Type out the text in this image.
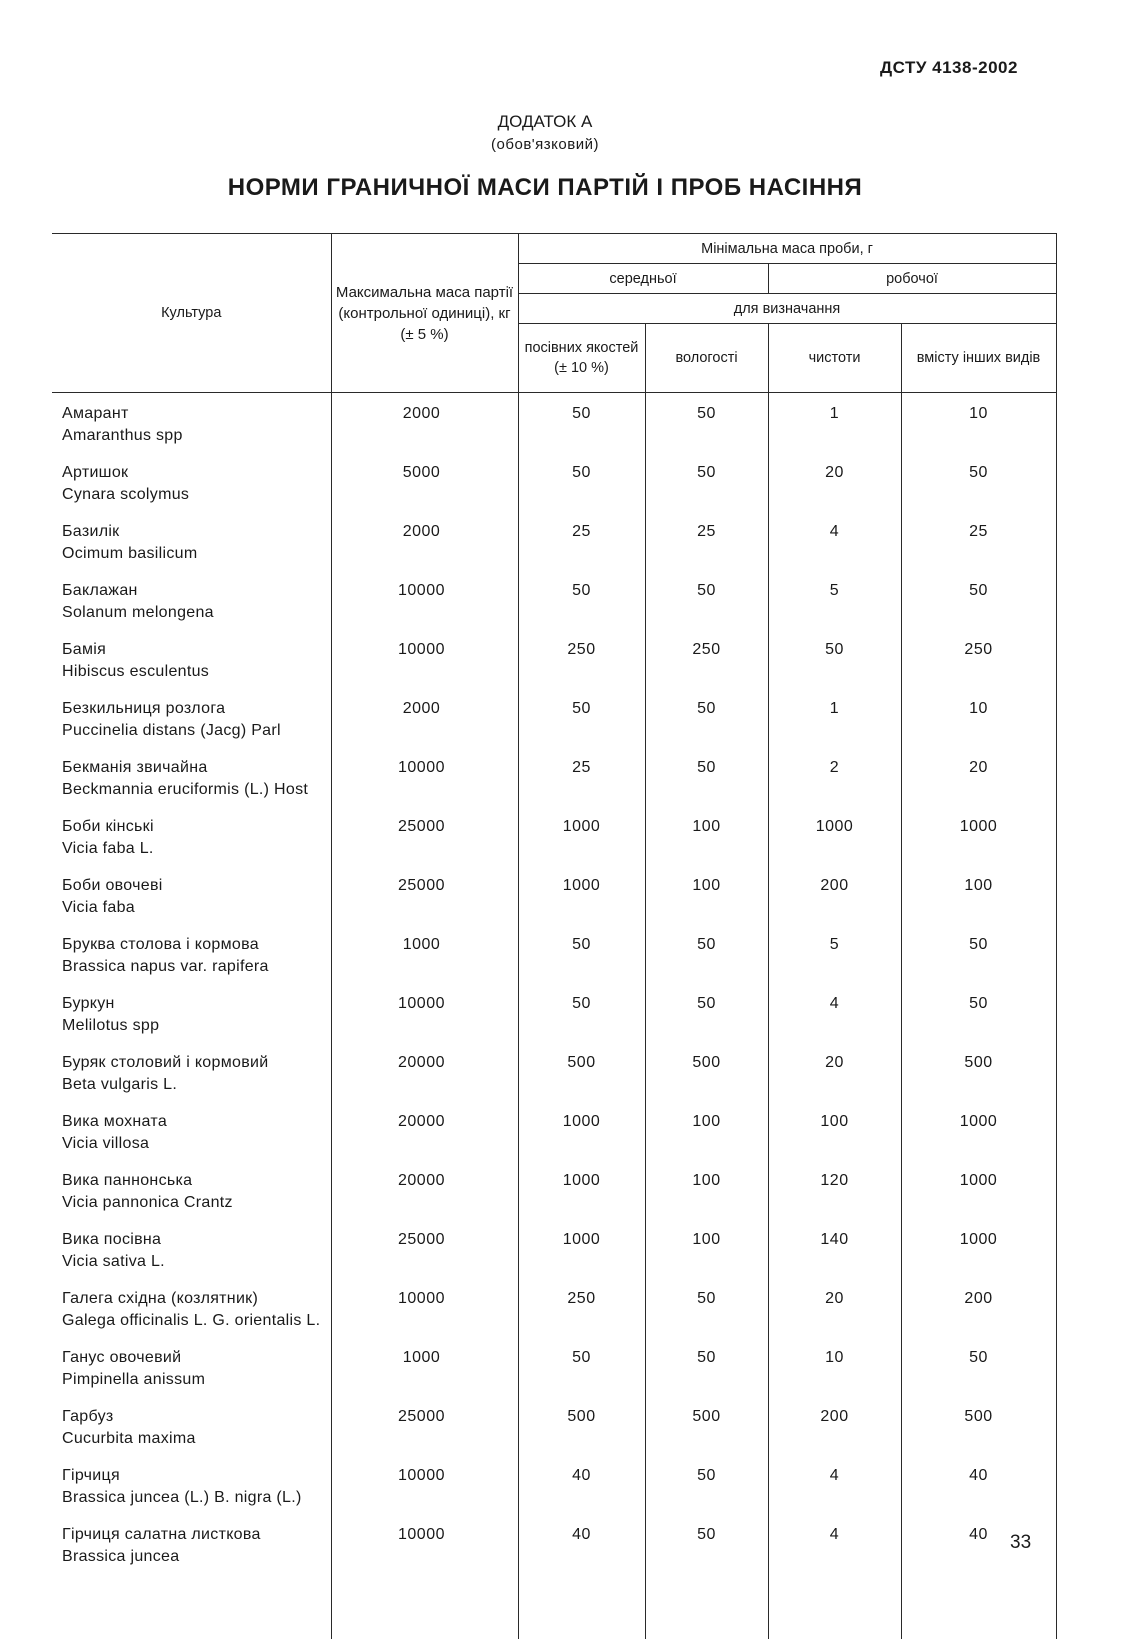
ДСТУ 4138-2002
ДОДАТОК А
(обов'язковий)
НОРМИ ГРАНИЧНОЇ МАСИ ПАРТІЙ І ПРОБ НАСІННЯ
Культура	Максимальна маса партії (контрольної одиниці), кг (± 5 %)	Мінімальна маса проби, г			
		середньої		робочої	
		для визначання			
		посівних якостей (± 10 %)	вологості	чистоти	вмісту інших видів
Амарант
Amaranthus spp	2000	50	50	1	10
Артишок
Cynara scolymus	5000	50	50	20	50
Базилік
Ocimum basilicum	2000	25	25	4	25
Баклажан
Solanum melongena	10000	50	50	5	50
Бамія
Hibiscus esculentus	10000	250	250	50	250
Безкильниця розлога
Puccinelia distans (Jacg) Parl	2000	50	50	1	10
Бекманія звичайна
Beckmannia eruciformis (L.) Host	10000	25	50	2	20
Боби кінські
Vicia faba L.	25000	1000	100	1000	1000
Боби овочеві
Vicia faba	25000	1000	100	200	100
Бруква столова і кормова
Brassica napus var. rapifera	1000	50	50	5	50
Буркун
Melilotus spp	10000	50	50	4	50
Буряк столовий і кормовий
Beta vulgaris L.	20000	500	500	20	500
Вика мохната
Vicia villosa	20000	1000	100	100	1000
Вика паннонська
Vicia pannonica Crantz	20000	1000	100	120	1000
Вика посівна
Vicia sativa L.	25000	1000	100	140	1000
Галега східна (козлятник)
Galega officinalis L. G. orientalis L.	10000	250	50	20	200
Ганус овочевий
Pimpinella anissum	1000	50	50	10	50
Гарбуз
Cucurbita maxima	25000	500	500	200	500
Гірчиця
Brassica juncea (L.) B. nigra (L.)	10000	40	50	4	40
Гірчиця салатна листкова
Brassica juncea	10000	40	50	4	40
					33
